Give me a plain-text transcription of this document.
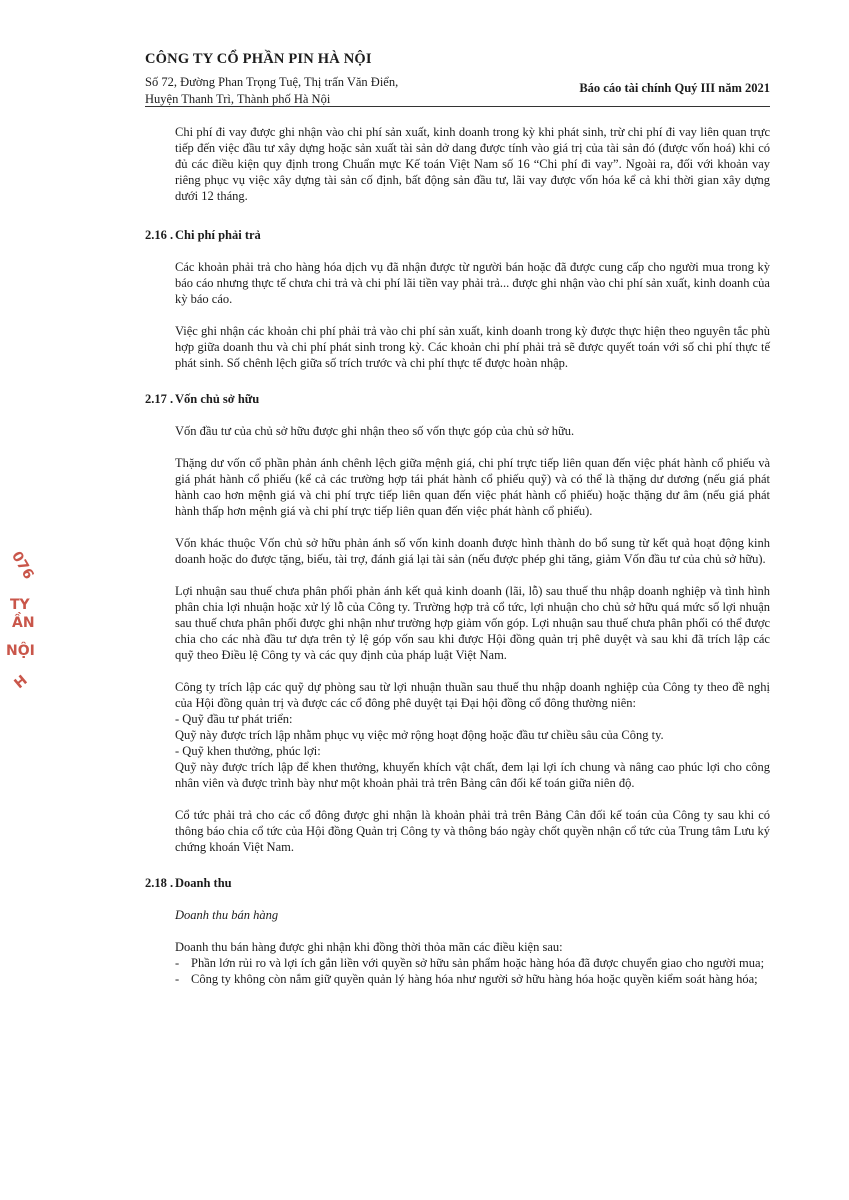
CÔNG TY CỔ PHẦN PIN HÀ NỘI
Số 72, Đường Phan Trọng Tuệ, Thị trấn Văn Điển,
Huyện Thanh Trì, Thành phố Hà Nội
Báo cáo tài chính Quý III năm 2021

Chi phí đi vay được ghi nhận vào chi phí sản xuất, kinh doanh trong kỳ khi phát sinh, trừ chi phí đi vay liên quan trực tiếp đến việc đầu tư xây dựng hoặc sản xuất tài sản dở dang được tính vào giá trị của tài sản đó (được vốn hoá) khi có đủ các điều kiện quy định trong Chuẩn mực Kế toán Việt Nam số 16 “Chi phí đi vay”. Ngoài ra, đối với khoản vay riêng phục vụ việc xây dựng tài sản cố định, bất động sản đầu tư, lãi vay được vốn hóa kể cả khi thời gian xây dựng dưới 12 tháng.

2.16 . Chi phí phải trả

Các khoản phải trả cho hàng hóa dịch vụ đã nhận được từ người bán hoặc đã được cung cấp cho người mua trong kỳ báo cáo nhưng thực tế chưa chi trả và chi phí lãi tiền vay phải trả... được ghi nhận vào chi phí sản xuất, kinh doanh của kỳ báo cáo.

Việc ghi nhận các khoản chi phí phải trả vào chi phí sản xuất, kinh doanh trong kỳ được thực hiện theo nguyên tắc phù hợp giữa doanh thu và chi phí phát sinh trong kỳ. Các khoản chi phí phải trả sẽ được quyết toán với số chi phí thực tế phát sinh. Số chênh lệch giữa số trích trước và chi phí thực tế được hoàn nhập.

2.17 . Vốn chủ sở hữu

Vốn đầu tư của chủ sở hữu được ghi nhận theo số vốn thực góp của chủ sở hữu.

Thặng dư vốn cổ phần phản ánh chênh lệch giữa mệnh giá, chi phí trực tiếp liên quan đến việc phát hành cổ phiếu và giá phát hành cổ phiếu (kể cả các trường hợp tái phát hành cổ phiếu quỹ) và có thể là thặng dư dương (nếu giá phát hành cao hơn mệnh giá và chi phí trực tiếp liên quan đến việc phát hành cổ phiếu) hoặc thặng dư âm (nếu giá phát hành thấp hơn mệnh giá và chi phí trực tiếp liên quan đến việc phát hành cổ phiếu).

Vốn khác thuộc Vốn chủ sở hữu phản ánh số vốn kinh doanh được hình thành do bổ sung từ kết quả hoạt động kinh doanh hoặc do được tặng, biếu, tài trợ, đánh giá lại tài sản (nếu được phép ghi tăng, giảm Vốn đầu tư của chủ sở hữu).

Lợi nhuận sau thuế chưa phân phối phản ánh kết quả kinh doanh (lãi, lỗ) sau thuế thu nhập doanh nghiệp và tình hình phân chia lợi nhuận hoặc xử lý lỗ của Công ty. Trường hợp trả cổ tức, lợi nhuận cho chủ sở hữu quá mức số lợi nhuận sau thuế chưa phân phối được ghi nhận như trường hợp giảm vốn góp. Lợi nhuận sau thuế chưa phân phối có thể được chia cho các nhà đầu tư dựa trên tỷ lệ góp vốn sau khi được Hội đồng quản trị phê duyệt và sau khi đã trích lập các quỹ theo Điều lệ Công ty và các quy định của pháp luật Việt Nam.

Công ty trích lập các quỹ dự phòng sau từ lợi nhuận thuần sau thuế thu nhập doanh nghiệp của Công ty theo đề nghị của Hội đồng quản trị và được các cổ đông phê duyệt tại Đại hội đồng cổ đông thường niên:

- Quỹ đầu tư phát triển:

Quỹ này được trích lập nhằm phục vụ việc mở rộng hoạt động hoặc đầu tư chiều sâu của Công ty.

- Quỹ khen thưởng, phúc lợi:

Quỹ này được trích lập để khen thưởng, khuyến khích vật chất, đem lại lợi ích chung và nâng cao phúc lợi cho công nhân viên và được trình bày như một khoản phải trả trên Bảng cân đối kế toán giữa niên độ.

Cổ tức phải trả cho các cổ đông được ghi nhận là khoản phải trả trên Bảng Cân đối kế toán của Công ty sau khi có thông báo chia cổ tức của Hội đồng Quản trị Công ty và thông báo ngày chốt quyền nhận cổ tức của Trung tâm Lưu ký chứng khoán Việt Nam.

2.18 . Doanh thu

Doanh thu bán hàng

Doanh thu bán hàng được ghi nhận khi đồng thời thỏa mãn các điều kiện sau:

- Phần lớn rủi ro và lợi ích gắn liền với quyền sở hữu sản phẩm hoặc hàng hóa đã được chuyển giao cho người mua;
- Công ty không còn nắm giữ quyền quản lý hàng hóa như người sở hữu hàng hóa hoặc quyền kiểm soát hàng hóa;
076
TY
ẦN
NỘI
H
